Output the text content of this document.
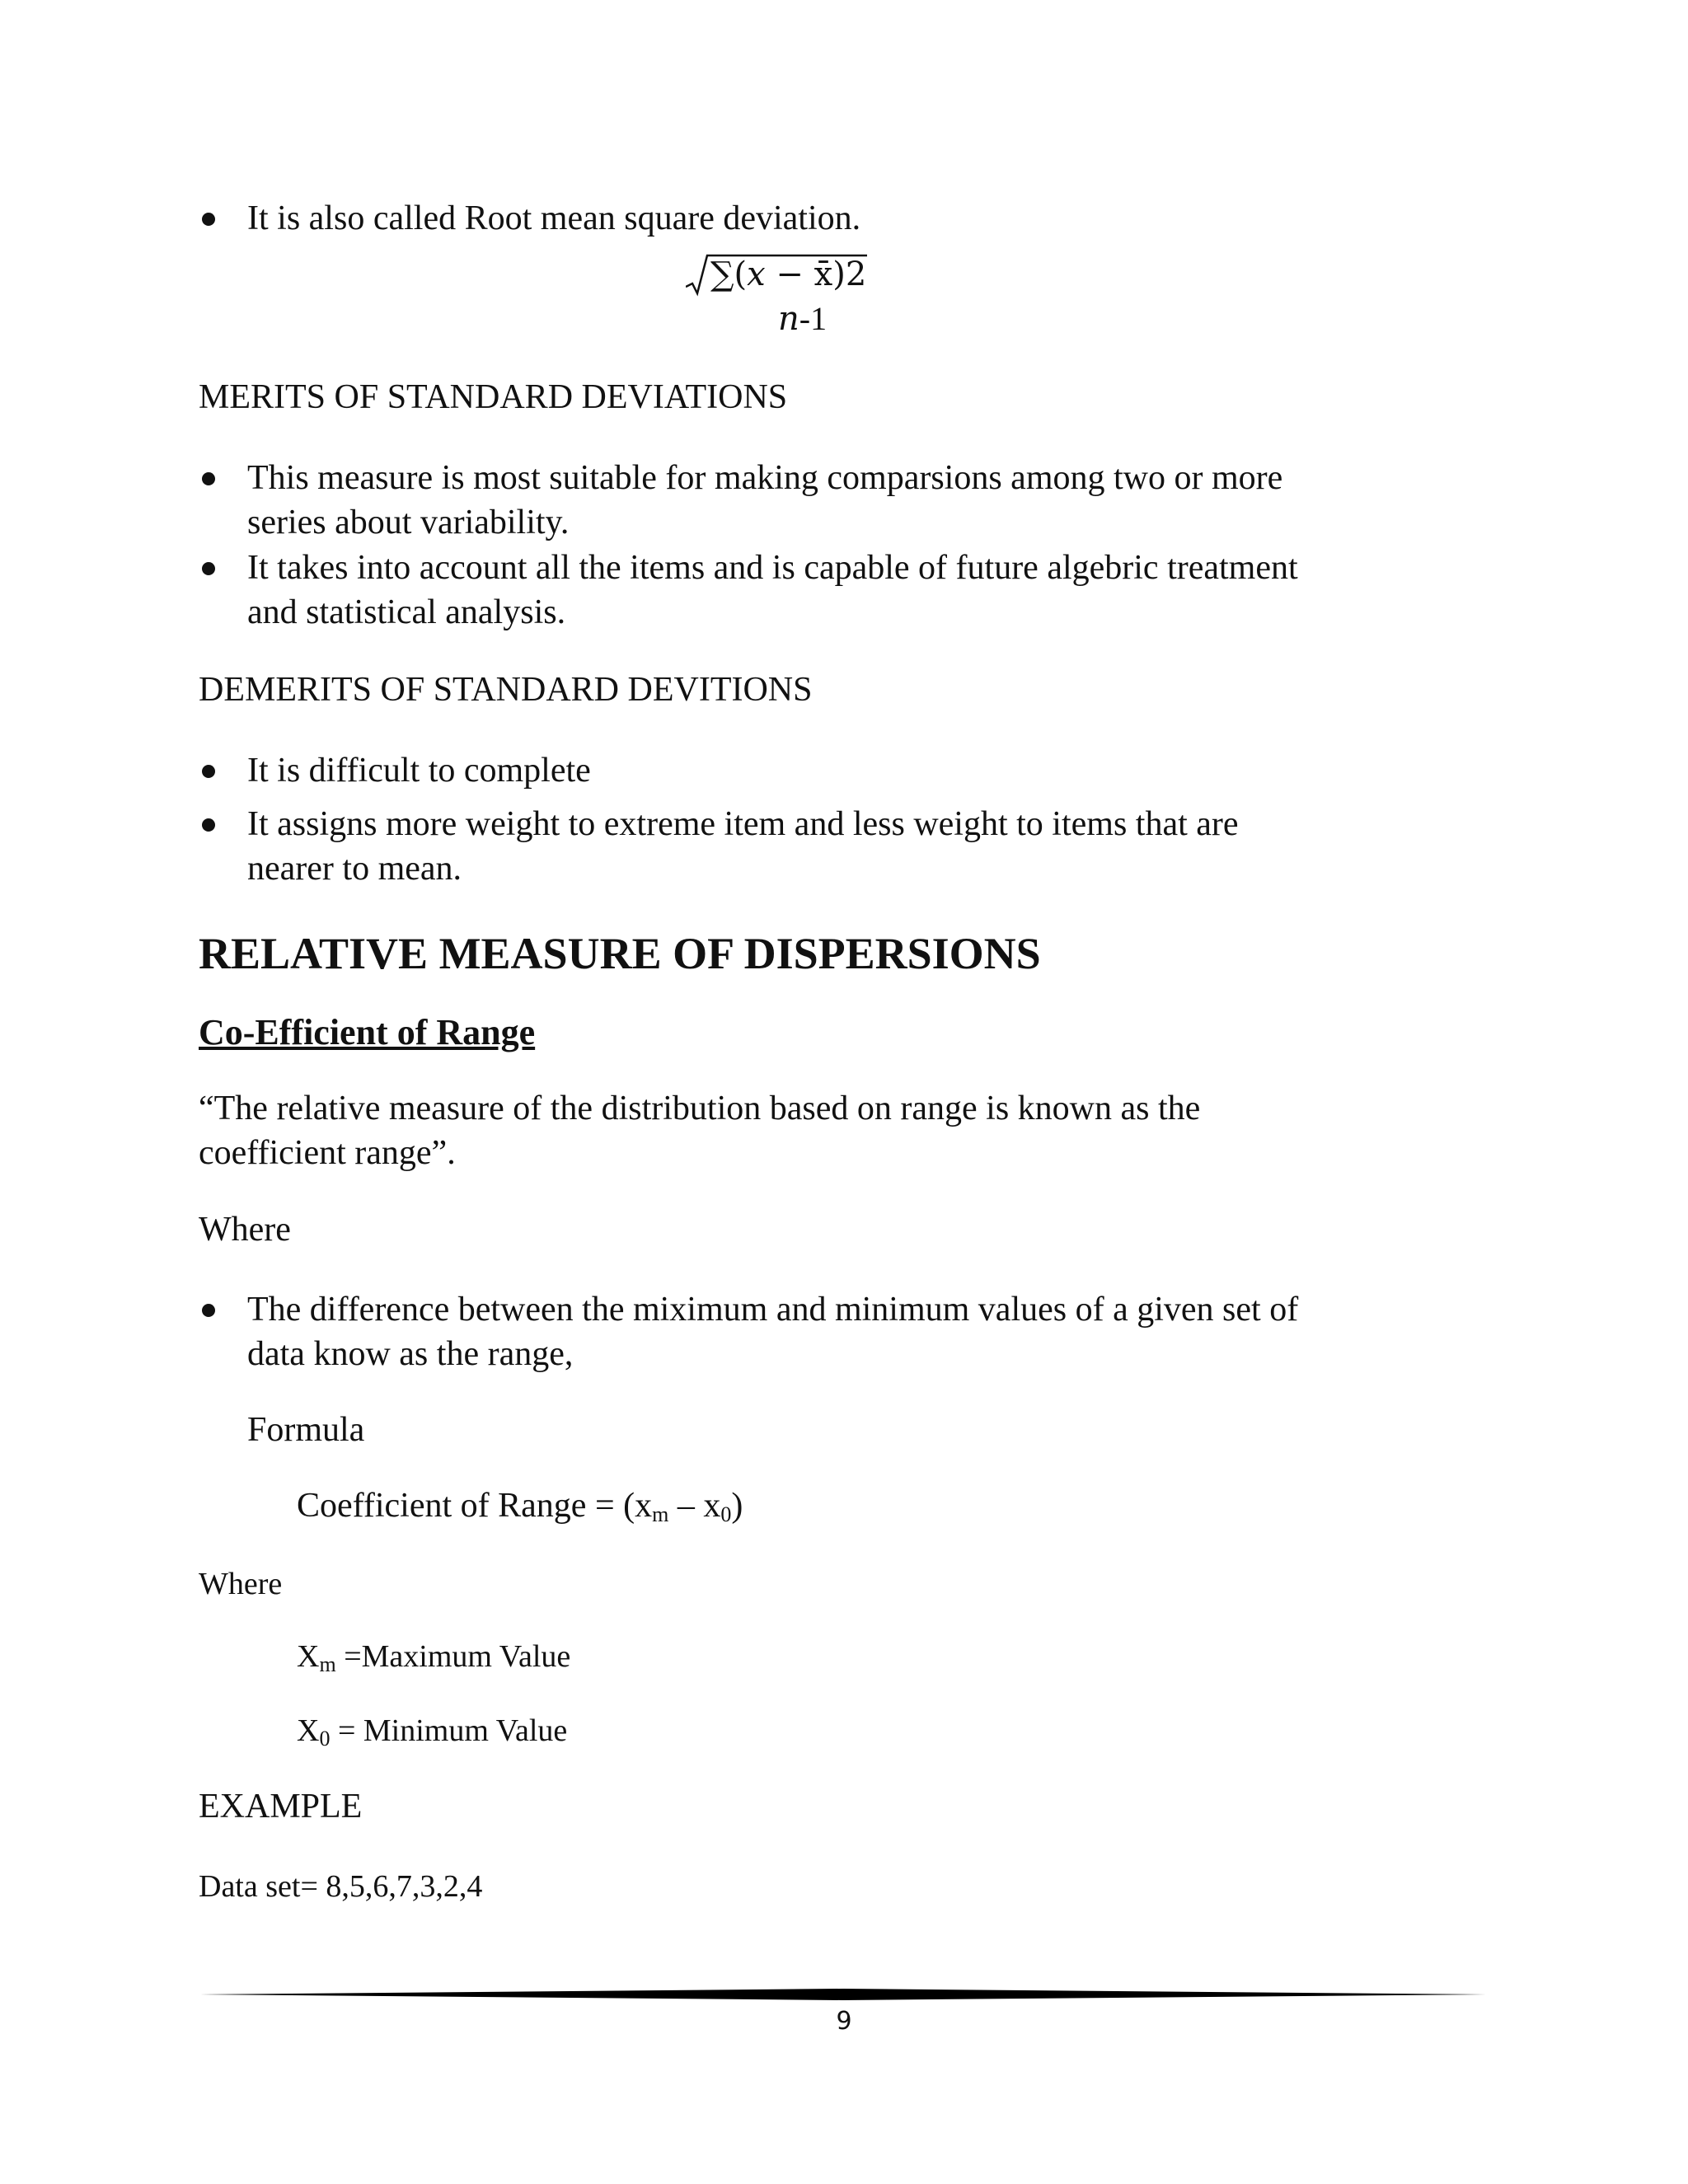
It is also called Root mean square deviation.
∑(𝑥 − x̄)2
𝑛-1
MERITS OF STANDARD DEVIATIONS
This measure is most suitable for making comparsions among two or more
series about variability.
It takes into account all the items and is capable of future algebric treatment
and statistical analysis.
DEMERITS OF STANDARD DEVITIONS
It is difficult to complete
It assigns more weight to extreme item and less weight to items that are
nearer to mean.
RELATIVE MEASURE OF DISPERSIONS
Co-Efficient of Range
“The relative measure of the distribution based on range is known as the
coefficient range”.
Where
The difference between the miximum and minimum values of a given set of
data know as the range,
Formula
Coefficient of Range = $(x_m - x_0)$
Where
$X_m$ =Maximum Value
$X_0$ = Minimum Value
EXAMPLE
Data set= 8,5,6,7,3,2,4
9
